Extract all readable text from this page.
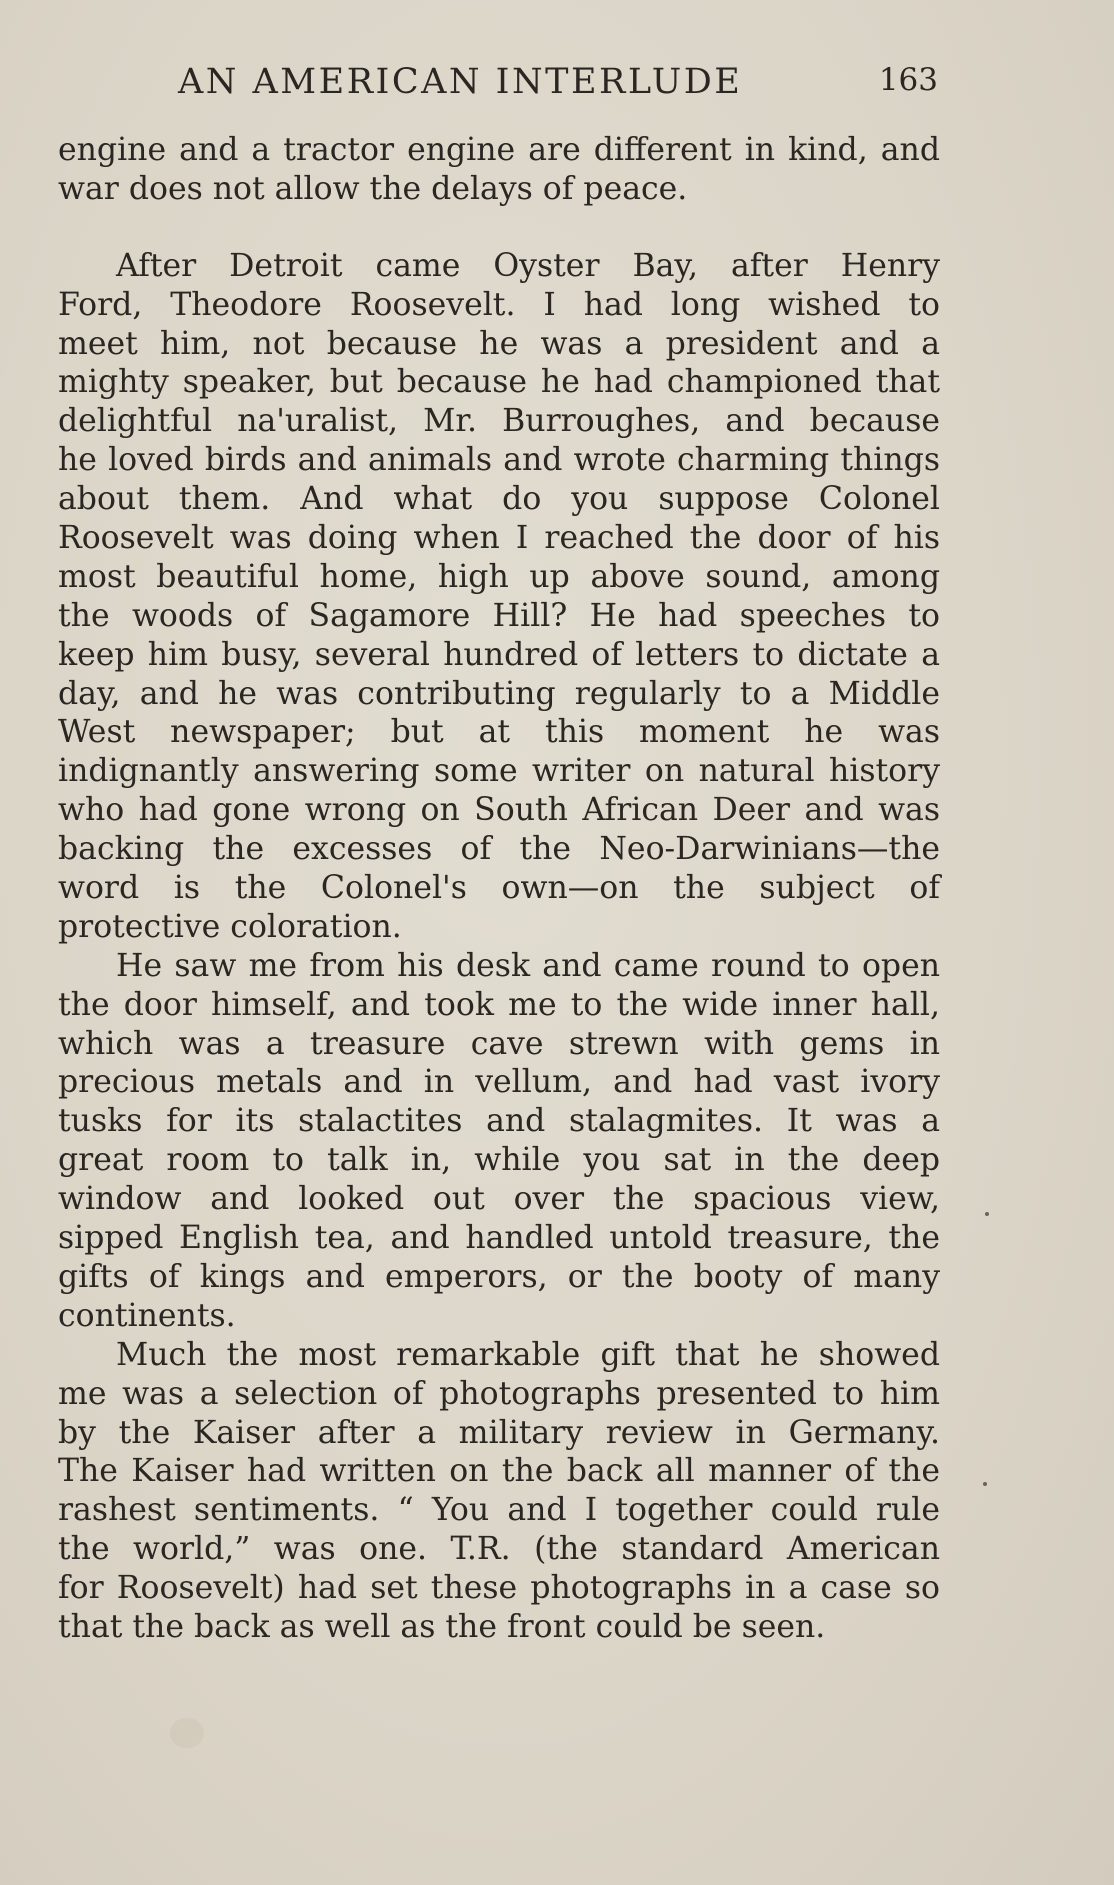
AN AMERICAN INTERLUDE	163
engine and a tractor engine are different in kind, and
war does not allow the delays of peace.
After Detroit came Oyster Bay, after Henry
Ford, Theodore Roosevelt. I had long wished to
meet him, not because he was a president and a
mighty speaker, but because he had championed that
delightful na'uralist, Mr. Burroughes, and because
he loved birds and animals and wrote charming things
about them. And what do you suppose Colonel
Roosevelt was doing when I reached the door of his
most beautiful home, high up above sound, among
the woods of Sagamore Hill? He had speeches to
keep him busy, several hundred of letters to dictate a
day, and he was contributing regularly to a Middle
West newspaper; but at this moment he was
indignantly answering some writer on natural history
who had gone wrong on South African Deer and was
backing the excesses of the Neo-Darwinians—the
word is the Colonel's own—on the subject of
protective coloration.
He saw me from his desk and came round to open
the door himself, and took me to the wide inner hall,
which was a treasure cave strewn with gems in
precious metals and in vellum, and had vast ivory
tusks for its stalactites and stalagmites. It was a
great room to talk in, while you sat in the deep
window and looked out over the spacious view,
sipped English tea, and handled untold treasure, the
gifts of kings and emperors, or the booty of many
continents.
Much the most remarkable gift that he showed
me was a selection of photographs presented to him
by the Kaiser after a military review in Germany.
The Kaiser had written on the back all manner of the
rashest sentiments. “ You and I together could rule
the world,” was one. T.R. (the standard American
for Roosevelt) had set these photographs in a case so
that the back as well as the front could be seen.
